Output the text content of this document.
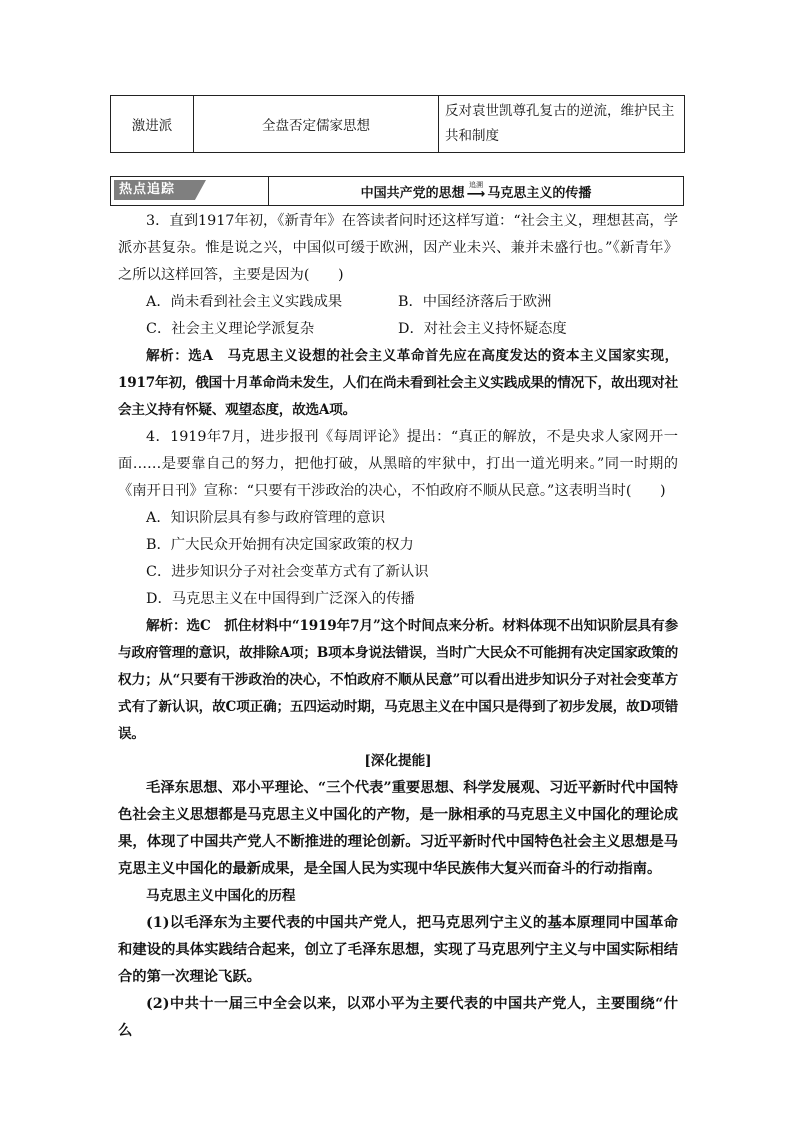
激进派	全盘否定儒家思想	反对袁世凯尊孔复古的逆流，维护民主共和制度
热点追踪	中国共产党的思想
追溯
⟶ 马克思主义的传播

3．直到1917年初，《新青年》在答读者问时还这样写道：“社会主义，理想甚高，学派亦甚复杂。惟是说之兴，中国似可缓于欧洲，因产业未兴、兼并未盛行也。”《新青年》之所以这样回答，主要是因为(　　)

A．尚未看到社会主义实践成果	B．中国经济落后于欧洲
C．社会主义理论学派复杂	D．对社会主义持怀疑态度

解析：选A　马克思主义设想的社会主义革命首先应在高度发达的资本主义国家实现，1917年初，俄国十月革命尚未发生，人们在尚未看到社会主义实践成果的情况下，故出现对社会主义持有怀疑、观望态度，故选A项。

4．1919年7月，进步报刊《每周评论》提出：“真正的解放，不是央求人家网开一面……是要靠自己的努力，把他打破，从黑暗的牢狱中，打出一道光明来。”同一时期的《南开日刊》宣称：“只要有干涉政治的决心，不怕政府不顺从民意。”这表明当时(　　)

A．知识阶层具有参与政府管理的意识

B．广大民众开始拥有决定国家政策的权力

C．进步知识分子对社会变革方式有了新认识

D．马克思主义在中国得到广泛深入的传播

解析：选C　抓住材料中“1919年7月”这个时间点来分析。材料体现不出知识阶层具有参与政府管理的意识，故排除A项；B项本身说法错误，当时广大民众不可能拥有决定国家政策的权力；从“只要有干涉政治的决心，不怕政府不顺从民意”可以看出进步知识分子对社会变革方式有了新认识，故C项正确；五四运动时期，马克思主义在中国只是得到了初步发展，故D项错误。

[深化提能]

毛泽东思想、邓小平理论、“三个代表”重要思想、科学发展观、习近平新时代中国特色社会主义思想都是马克思主义中国化的产物，是一脉相承的马克思主义中国化的理论成果，体现了中国共产党人不断推进的理论创新。习近平新时代中国特色社会主义思想是马克思主义中国化的最新成果，是全国人民为实现中华民族伟大复兴而奋斗的行动指南。

马克思主义中国化的历程

(1)以毛泽东为主要代表的中国共产党人，把马克思列宁主义的基本原理同中国革命和建设的具体实践结合起来，创立了毛泽东思想，实现了马克思列宁主义与中国实际相结合的第一次理论飞跃。

(2)中共十一届三中全会以来，以邓小平为主要代表的中国共产党人，主要围绕“什么
